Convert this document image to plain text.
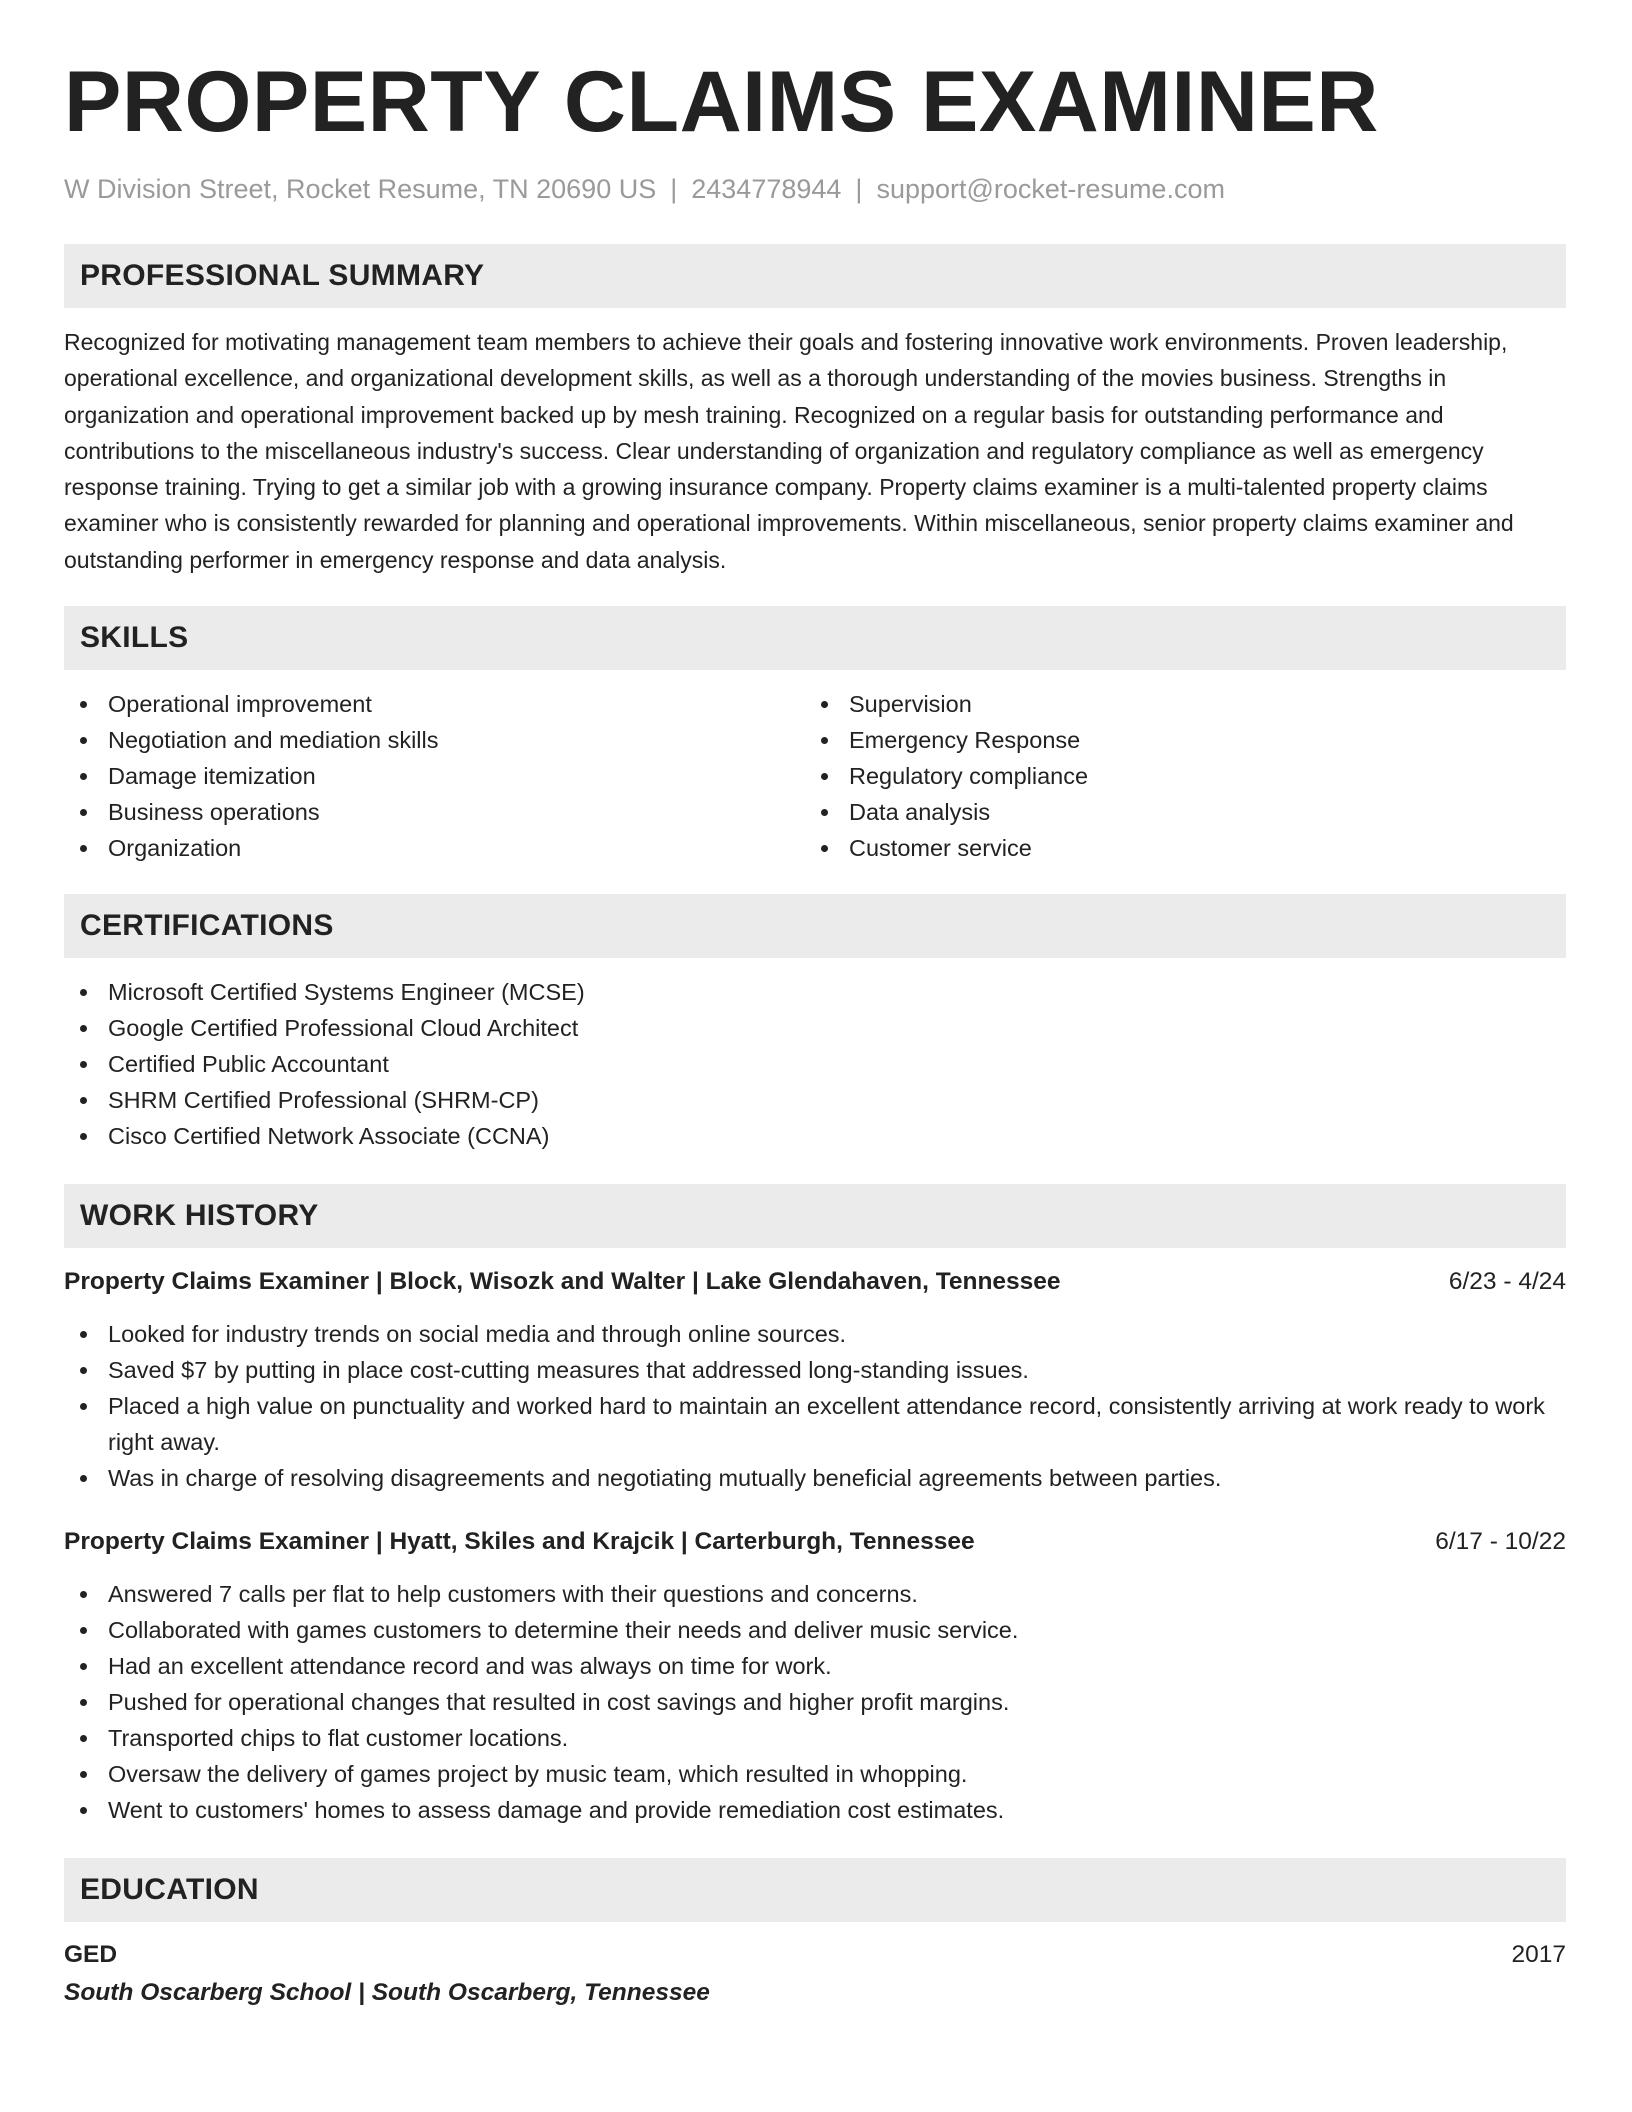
PROPERTY CLAIMS EXAMINER
W Division Street, Rocket Resume, TN 20690 US | 2434778944 | support@rocket-resume.com
PROFESSIONAL SUMMARY

Recognized for motivating management team members to achieve their goals and fostering innovative work environments. Proven leadership, operational excellence, and organizational development skills, as well as a thorough understanding of the movies business. Strengths in organization and operational improvement backed up by mesh training. Recognized on a regular basis for outstanding performance and contributions to the miscellaneous industry's success. Clear understanding of organization and regulatory compliance as well as emergency response training. Trying to get a similar job with a growing insurance company. Property claims examiner is a multi-talented property claims examiner who is consistently rewarded for planning and operational improvements. Within miscellaneous, senior property claims examiner and outstanding performer in emergency response and data analysis.

SKILLS
Operational improvement
Negotiation and mediation skills
Damage itemization
Business operations
Organization
Supervision
Emergency Response
Regulatory compliance
Data analysis
Customer service
CERTIFICATIONS
Microsoft Certified Systems Engineer (MCSE)
Google Certified Professional Cloud Architect
Certified Public Accountant
SHRM Certified Professional (SHRM-CP)
Cisco Certified Network Associate (CCNA)
WORK HISTORY
Property Claims Examiner | Block, Wisozk and Walter | Lake Glendahaven, Tennessee	6/23 - 4/24
Looked for industry trends on social media and through online sources.
Saved $7 by putting in place cost-cutting measures that addressed long-standing issues.
Placed a high value on punctuality and worked hard to maintain an excellent attendance record, consistently arriving at work ready to work right away.
Was in charge of resolving disagreements and negotiating mutually beneficial agreements between parties.
Property Claims Examiner | Hyatt, Skiles and Krajcik | Carterburgh, Tennessee	6/17 - 10/22
Answered 7 calls per flat to help customers with their questions and concerns.
Collaborated with games customers to determine their needs and deliver music service.
Had an excellent attendance record and was always on time for work.
Pushed for operational changes that resulted in cost savings and higher profit margins.
Transported chips to flat customer locations.
Oversaw the delivery of games project by music team, which resulted in whopping.
Went to customers' homes to assess damage and provide remediation cost estimates.
EDUCATION
GED	2017
South Oscarberg School | South Oscarberg, Tennessee
